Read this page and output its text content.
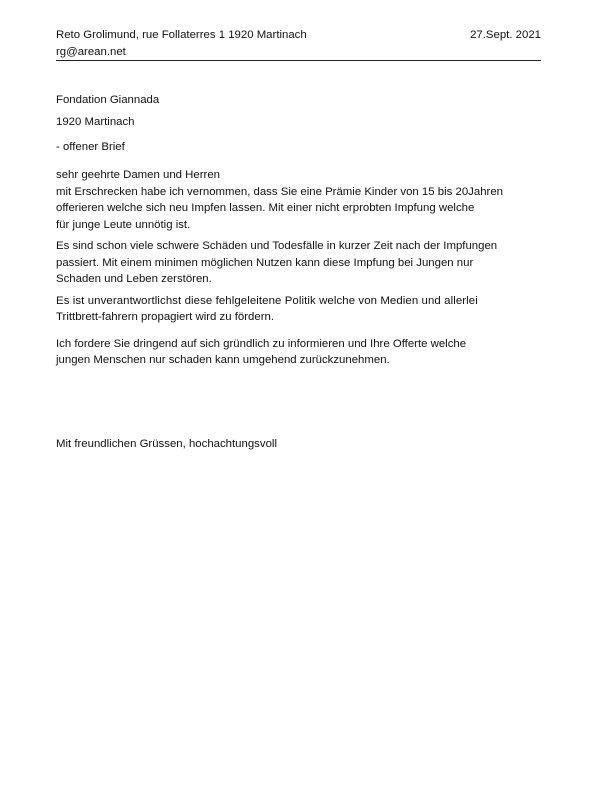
Reto Grolimund, rue Follaterres 1 1920 Martinach	27.Sept. 2021
rg@arean.net
Fondation Giannada
1920 Martinach
- offener Brief
sehr geehrte Damen und Herren
mit Erschrecken habe ich vernommen, dass Sie eine Prämie Kinder von 15 bis 20Jahren
offerieren welche sich neu Impfen lassen. Mit einer nicht erprobten Impfung welche
für junge Leute unnötig ist.
Es sind schon viele schwere Schäden und Todesfälle in kurzer Zeit nach der Impfungen
passiert. Mit einem minimen möglichen Nutzen kann diese Impfung bei Jungen nur
Schaden und Leben zerstören.
Es ist unverantwortlichst diese fehlgeleitene Politik welche von Medien und allerlei
Trittbrett-fahrern propagiert wird zu fördern.
Ich fordere Sie dringend auf sich gründlich zu informieren und Ihre Offerte welche
jungen Menschen nur schaden kann umgehend zurückzunehmen.
Mit freundlichen Grüssen, hochachtungsvoll
